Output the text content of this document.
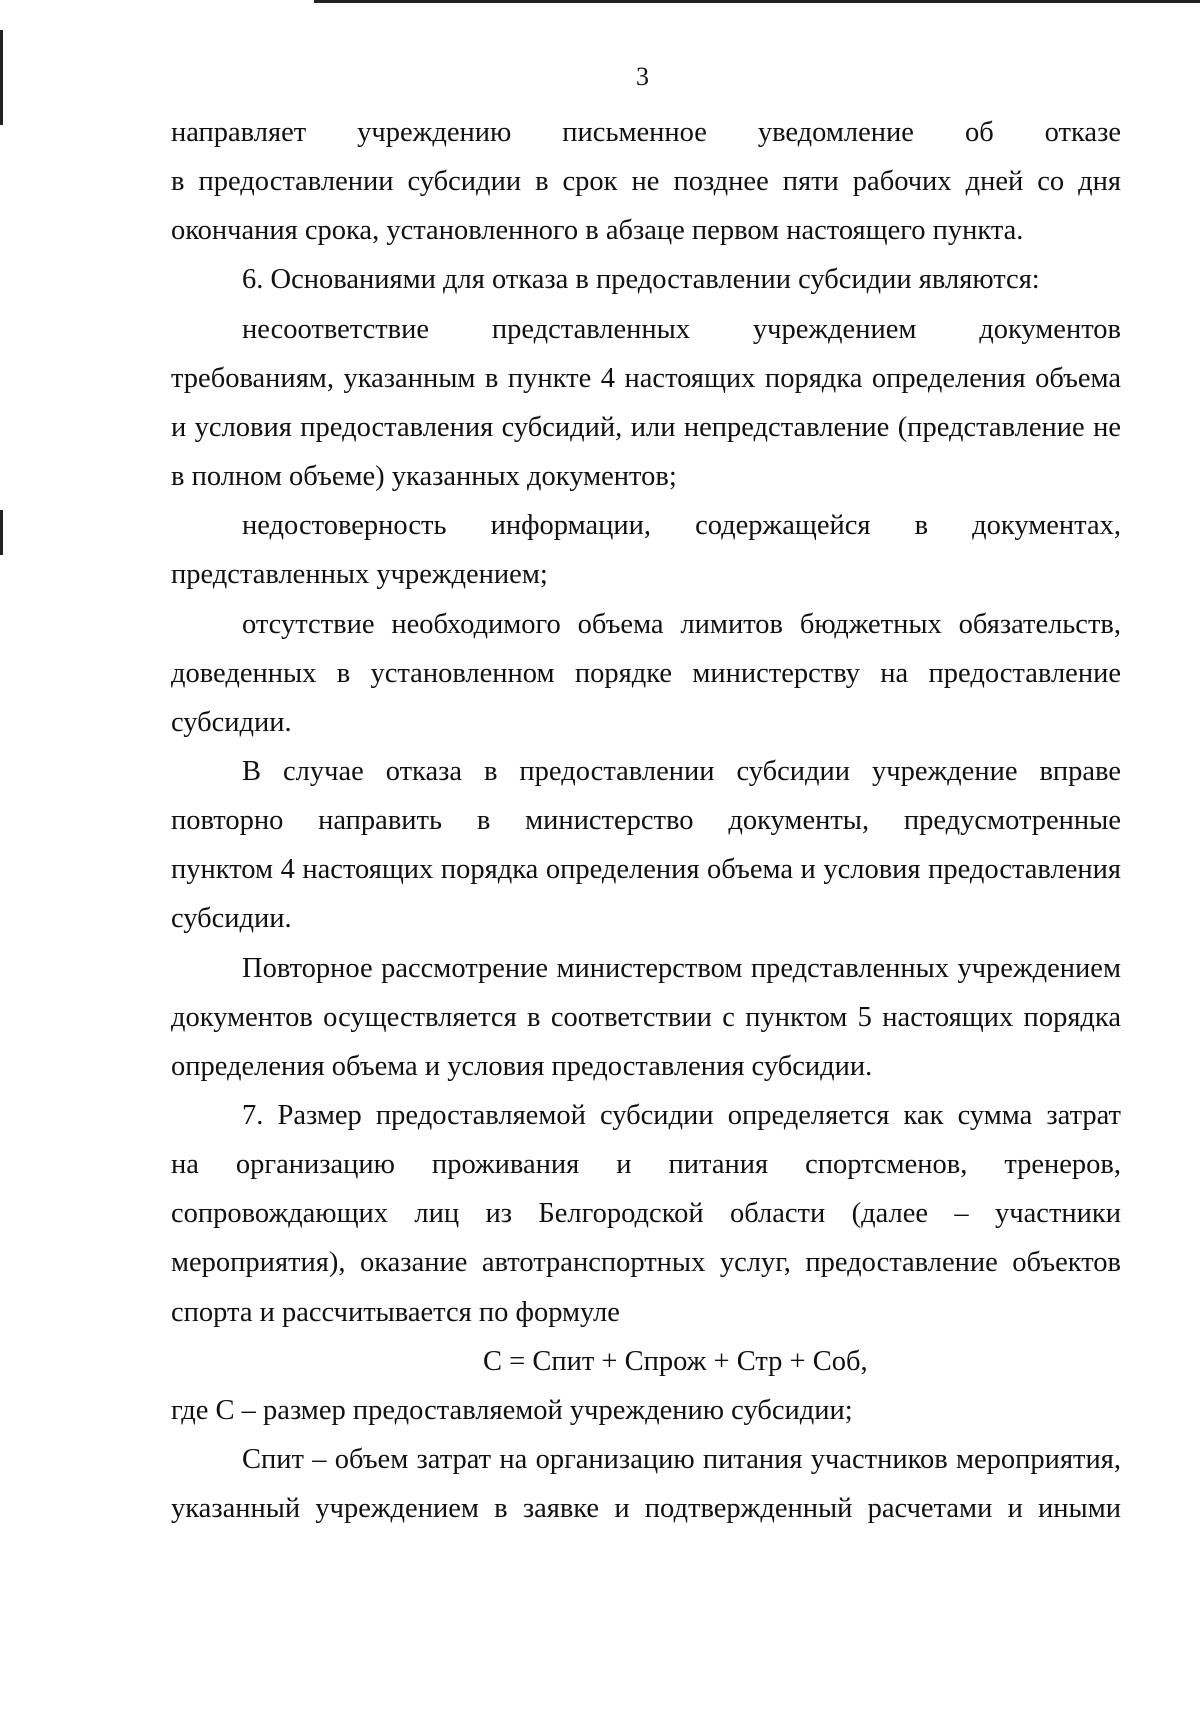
3
направляет учреждению письменное уведомление об отказе
в предоставлении субсидии в срок не позднее пяти рабочих дней со дня
окончания срока, установленного в абзаце первом настоящего пункта.
6. Основаниями для отказа в предоставлении субсидии являются:
несоответствие представленных учреждением документов
требованиям, указанным в пункте 4 настоящих порядка определения объема
и условия предоставления субсидий, или непредставление (представление не
в полном объеме) указанных документов;
недостоверность информации, содержащейся в документах,
представленных учреждением;
отсутствие необходимого объема лимитов бюджетных обязательств,
доведенных в установленном порядке министерству на предоставление
субсидии.
В случае отказа в предоставлении субсидии учреждение вправе
повторно направить в министерство документы, предусмотренные
пунктом 4 настоящих порядка определения объема и условия предоставления
субсидии.
Повторное рассмотрение министерством представленных учреждением
документов осуществляется в соответствии с пунктом 5 настоящих порядка
определения объема и условия предоставления субсидии.
7. Размер предоставляемой субсидии определяется как сумма затрат
на организацию проживания и питания спортсменов, тренеров,
сопровождающих лиц из Белгородской области (далее – участники
мероприятия), оказание автотранспортных услуг, предоставление объектов
спорта и рассчитывается по формуле
С = Спит + Спрож + Стр + Соб,
где С – размер предоставляемой учреждению субсидии;
Спит – объем затрат на организацию питания участников мероприятия,
указанный учреждением в заявке и подтвержденный расчетами и иными
